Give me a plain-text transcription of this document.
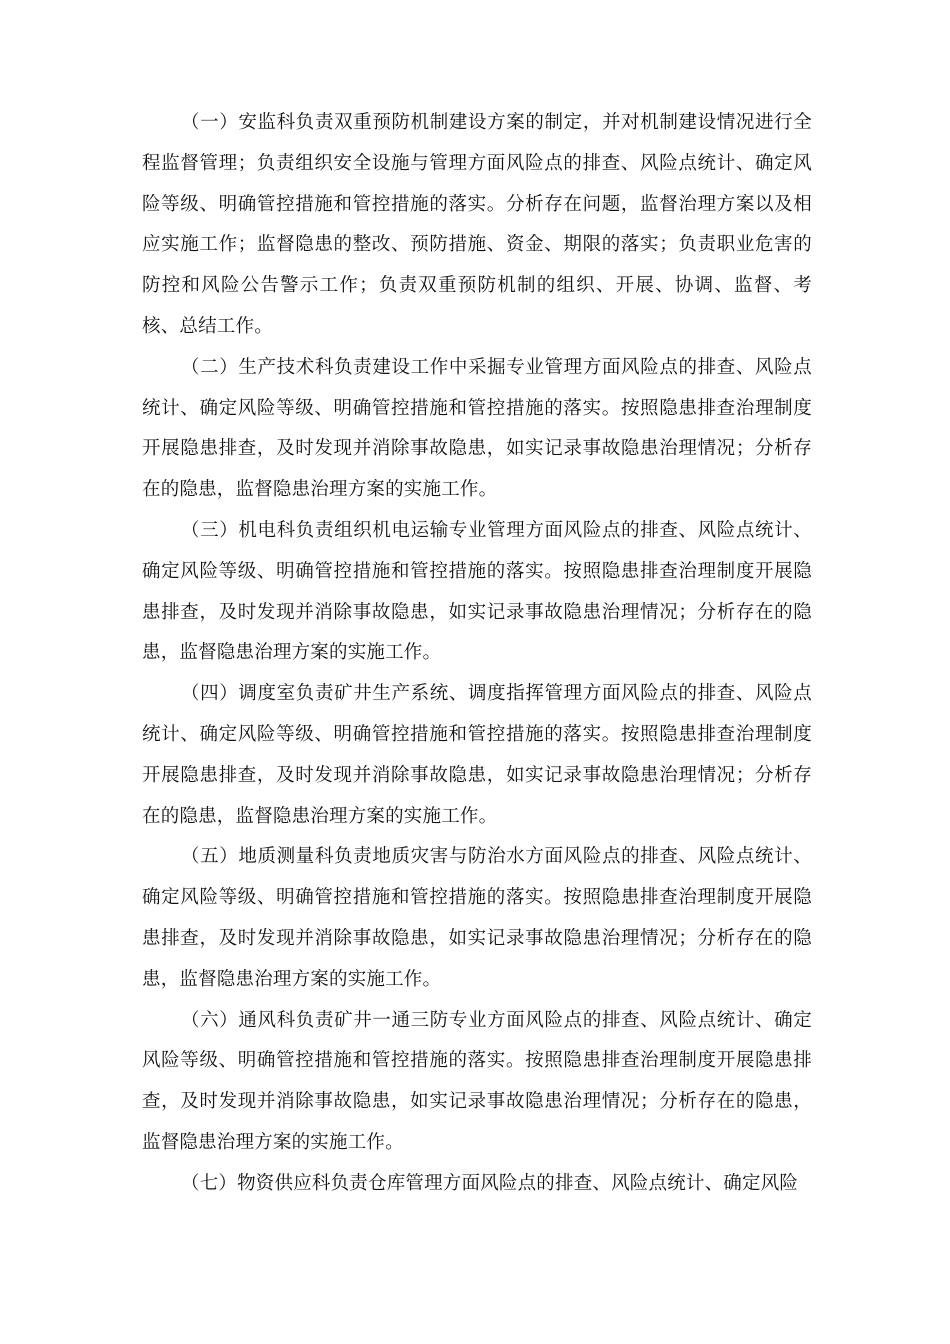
（一）安监科负责双重预防机制建设方案的制定，并对机制建设情况进行全程监督管理；负责组织安全设施与管理方面风险点的排查、风险点统计、确定风险等级、明确管控措施和管控措施的落实。分析存在问题，监督治理方案以及相应实施工作；监督隐患的整改、预防措施、资金、期限的落实；负责职业危害的防控和风险公告警示工作；负责双重预防机制的组织、开展、协调、监督、考核、总结工作。

（二）生产技术科负责建设工作中采掘专业管理方面风险点的排查、风险点统计、确定风险等级、明确管控措施和管控措施的落实。按照隐患排查治理制度开展隐患排查，及时发现并消除事故隐患，如实记录事故隐患治理情况；分析存在的隐患，监督隐患治理方案的实施工作。

（三）机电科负责组织机电运输专业管理方面风险点的排查、风险点统计、确定风险等级、明确管控措施和管控措施的落实。按照隐患排查治理制度开展隐患排查，及时发现并消除事故隐患，如实记录事故隐患治理情况；分析存在的隐患，监督隐患治理方案的实施工作。

（四）调度室负责矿井生产系统、调度指挥管理方面风险点的排查、风险点统计、确定风险等级、明确管控措施和管控措施的落实。按照隐患排查治理制度开展隐患排查，及时发现并消除事故隐患，如实记录事故隐患治理情况；分析存在的隐患，监督隐患治理方案的实施工作。

（五）地质测量科负责地质灾害与防治水方面风险点的排查、风险点统计、确定风险等级、明确管控措施和管控措施的落实。按照隐患排查治理制度开展隐患排查，及时发现并消除事故隐患，如实记录事故隐患治理情况；分析存在的隐患，监督隐患治理方案的实施工作。

（六）通风科负责矿井一通三防专业方面风险点的排查、风险点统计、确定风险等级、明确管控措施和管控措施的落实。按照隐患排查治理制度开展隐患排查，及时发现并消除事故隐患，如实记录事故隐患治理情况；分析存在的隐患，监督隐患治理方案的实施工作。

（七）物资供应科负责仓库管理方面风险点的排查、风险点统计、确定风险
